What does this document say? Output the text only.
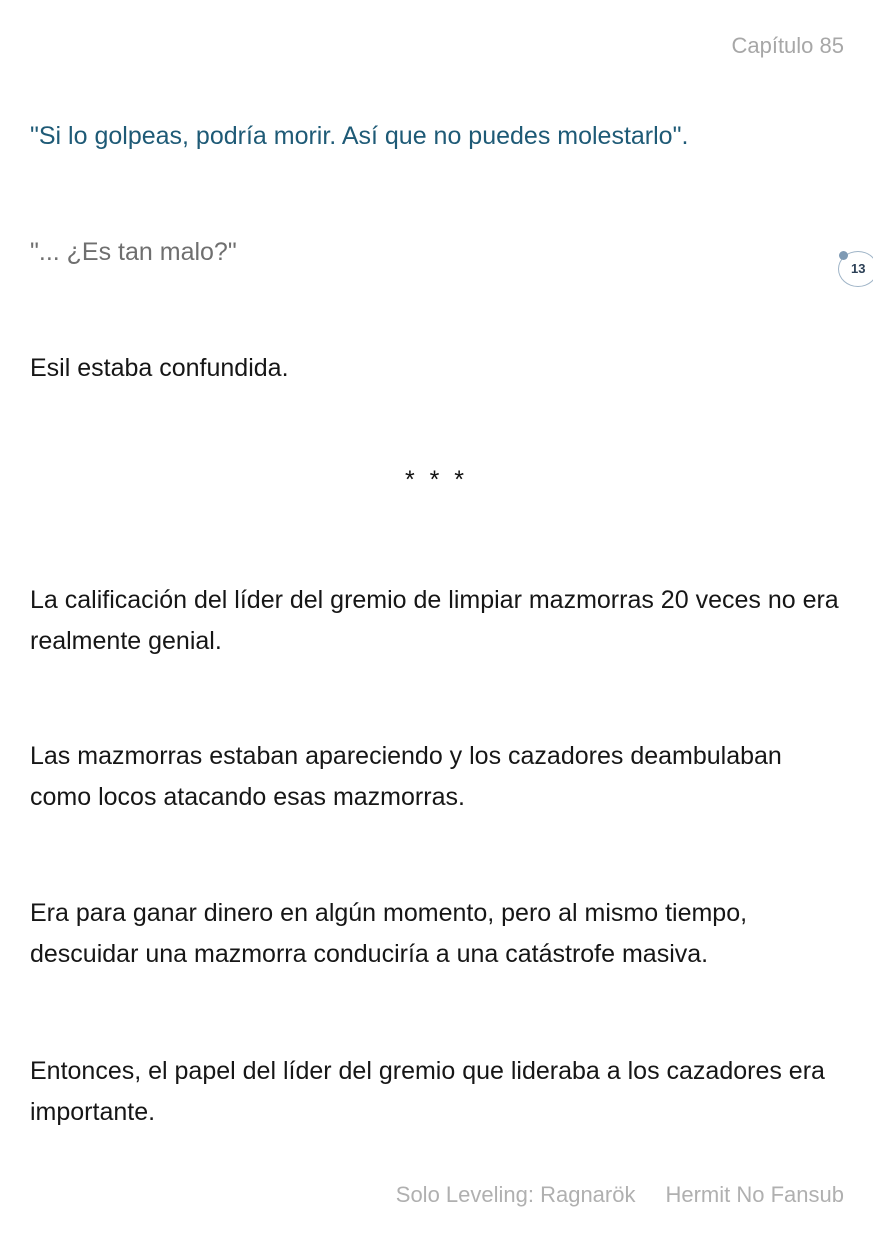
Capítulo 85

"Si lo golpeas, podría morir. Así que no puedes molestarlo".

"... ¿Es tan malo?"

13

Esil estaba confundida.

* * *

La calificación del líder del gremio de limpiar mazmorras 20 veces no era realmente genial.

Las mazmorras estaban apareciendo y los cazadores deambulaban como locos atacando esas mazmorras.

Era para ganar dinero en algún momento, pero al mismo tiempo, descuidar una mazmorra conduciría a una catástrofe masiva.

Entonces, el papel del líder del gremio que lideraba a los cazadores era importante.

Solo Leveling: Ragnarök Hermit No Fansub
